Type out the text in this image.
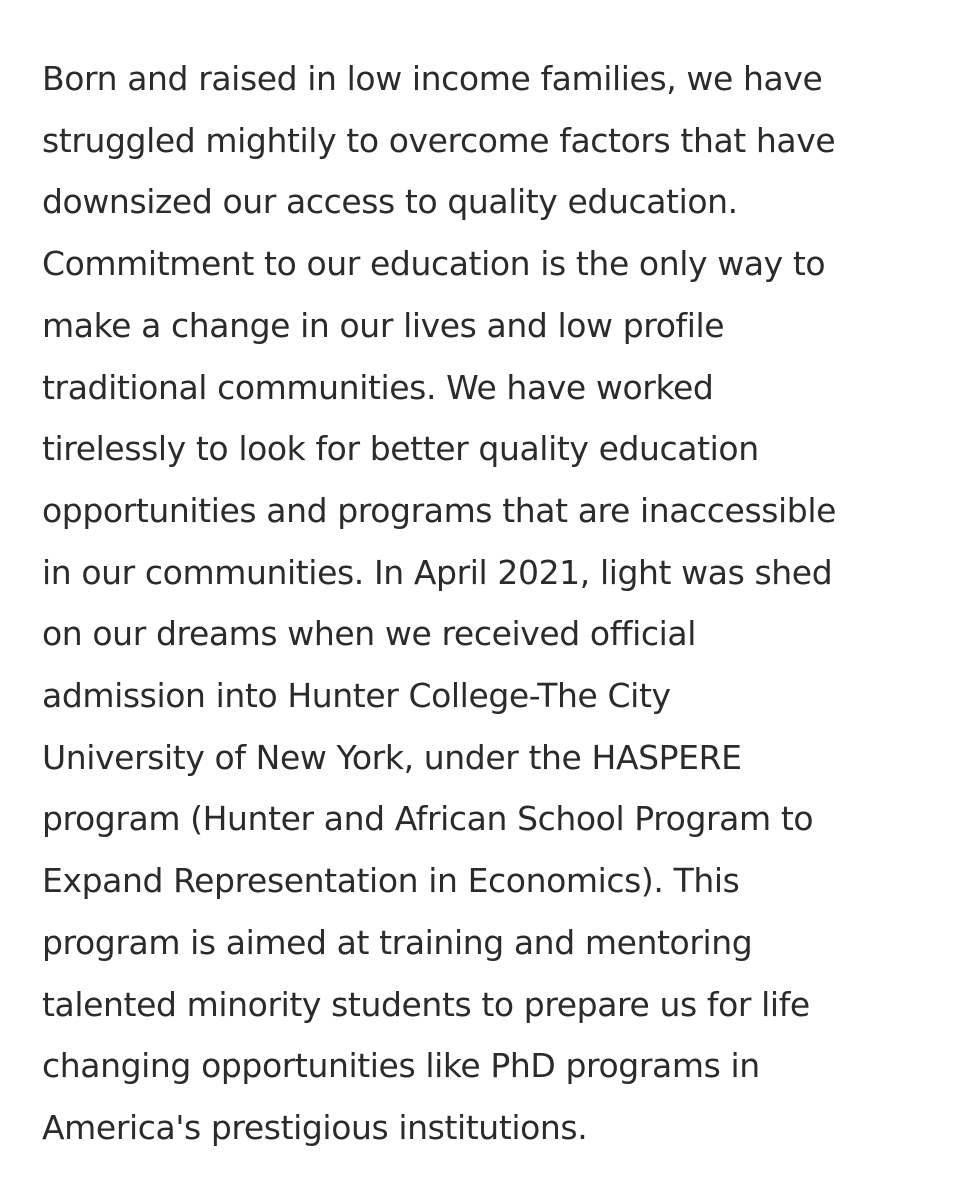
Born and raised in low income families, we have
struggled mightily to overcome factors that have
downsized our access to quality education.
Commitment to our education is the only way to
make a change in our lives and low profile
traditional communities. We have worked
tirelessly to look for better quality education
opportunities and programs that are inaccessible
in our communities. In April 2021, light was shed
on our dreams when we received official
admission into Hunter College-The City
University of New York, under the HASPERE
program (Hunter and African School Program to
Expand Representation in Economics). This
program is aimed at training and mentoring
talented minority students to prepare us for life
changing opportunities like PhD programs in
America's prestigious institutions.
